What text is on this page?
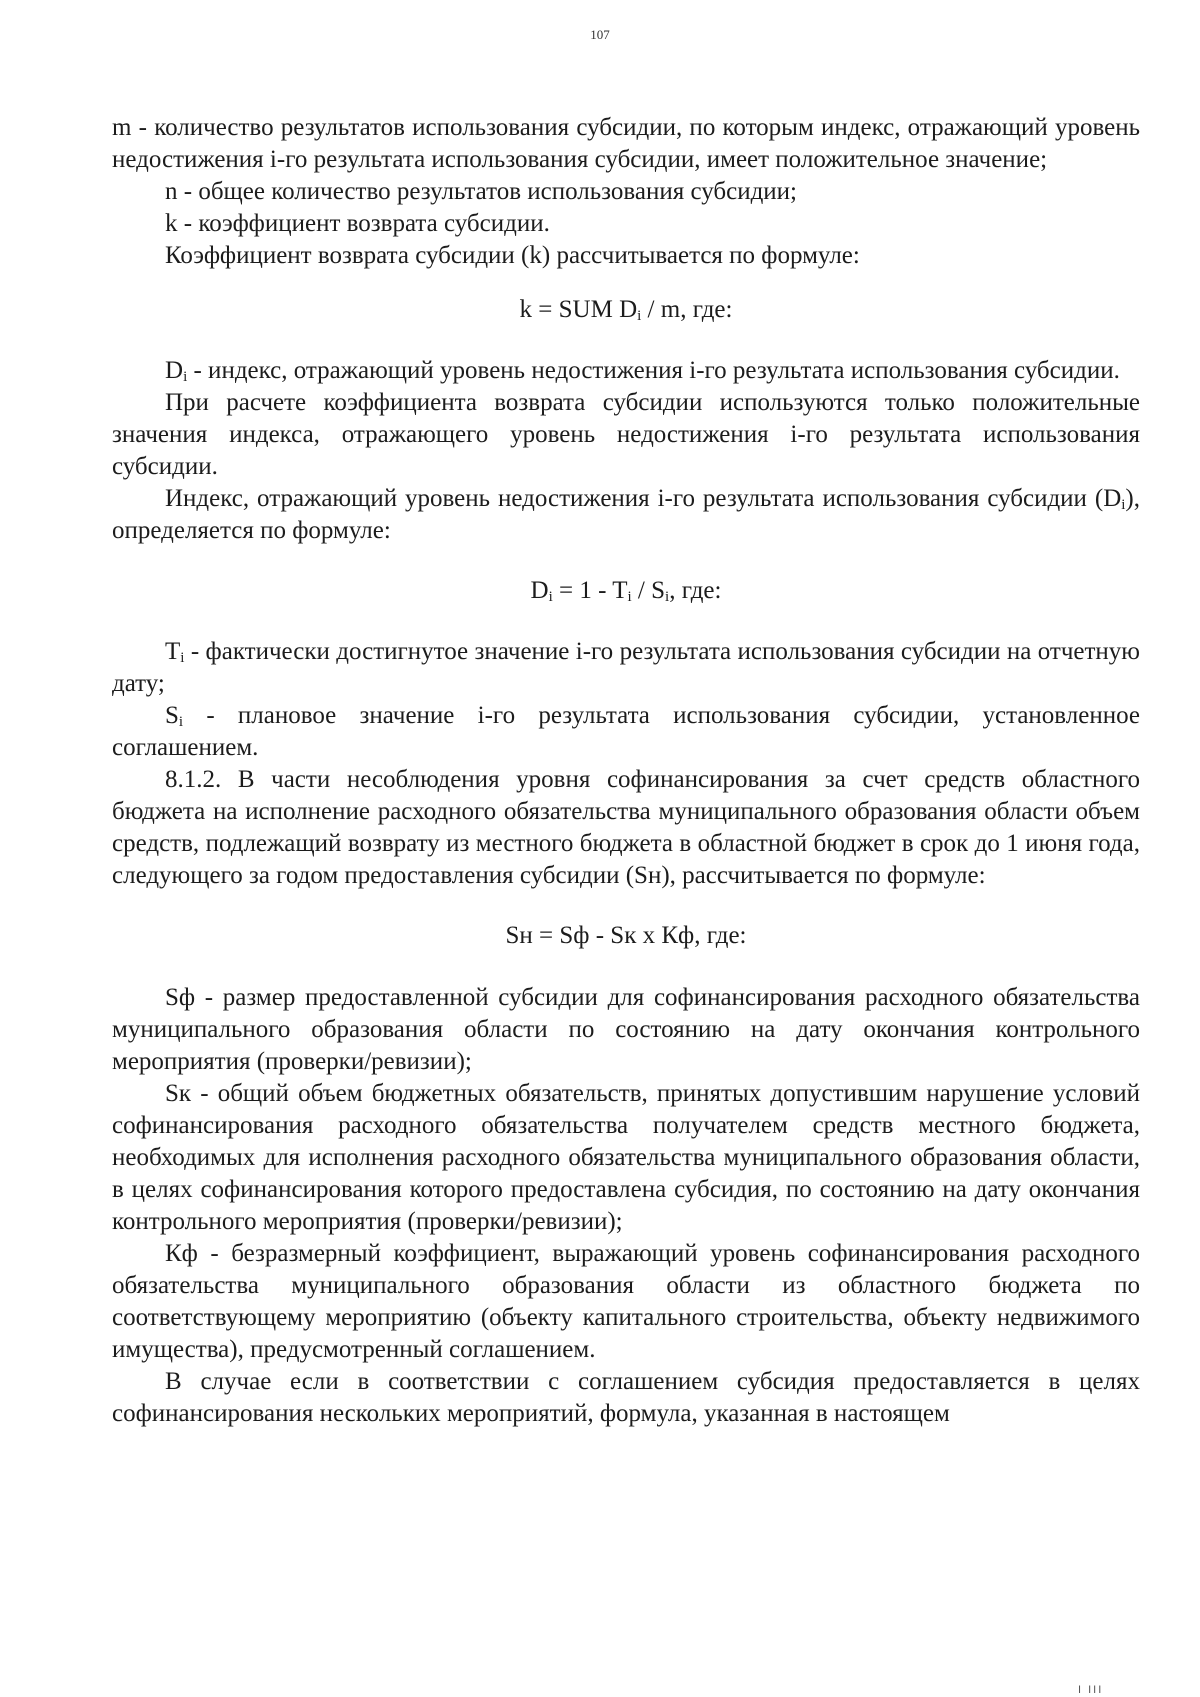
107

m - количество результатов использования субсидии, по которым индекс, отражающий уровень недостижения i-го результата использования субсидии, имеет положительное значение;

n - общее количество результатов использования субсидии;

k - коэффициент возврата субсидии.

Коэффициент возврата субсидии (k) рассчитывается по формуле:

k = SUM $D_i$ / m, где:

$D_i$ - индекс, отражающий уровень недостижения i-го результата использования субсидии.

При расчете коэффициента возврата субсидии используются только положительные значения индекса, отражающего уровень недостижения i-го результата использования субсидии.

Индекс, отражающий уровень недостижения i-го результата использования субсидии $(D_i)$, определяется по формуле:

$D_i = 1 - T_i / S_i$, где:

$T_i$ - фактически достигнутое значение i-го результата использования субсидии на отчетную дату;

$S_i$ - плановое значение i-го результата использования субсидии, установленное соглашением.

8.1.2. В части несоблюдения уровня софинансирования за счет средств областного бюджета на исполнение расходного обязательства муниципального образования области объем средств, подлежащий возврату из местного бюджета в областной бюджет в срок до 1 июня года, следующего за годом предоставления субсидии (Sн), рассчитывается по формуле:

Sн = Sф - Sк x Кф, где:

Sф - размер предоставленной субсидии для софинансирования расходного обязательства муниципального образования области по состоянию на дату окончания контрольного мероприятия (проверки/ревизии);

Sк - общий объем бюджетных обязательств, принятых допустившим нарушение условий софинансирования расходного обязательства получателем средств местного бюджета, необходимых для исполнения расходного обязательства муниципального образования области, в целях софинансирования которого предоставлена субсидия, по состоянию на дату окончания контрольного мероприятия (проверки/ревизии);

Кф - безразмерный коэффициент, выражающий уровень софинансирования расходного обязательства муниципального образования области из областного бюджета по соответствующему мероприятию (объекту капитального строительства, объекту недвижимого имущества), предусмотренный соглашением.

В случае если в соответствии с соглашением субсидия предоставляется в целях софинансирования нескольких мероприятий, формула, указанная в настоящем

I III
